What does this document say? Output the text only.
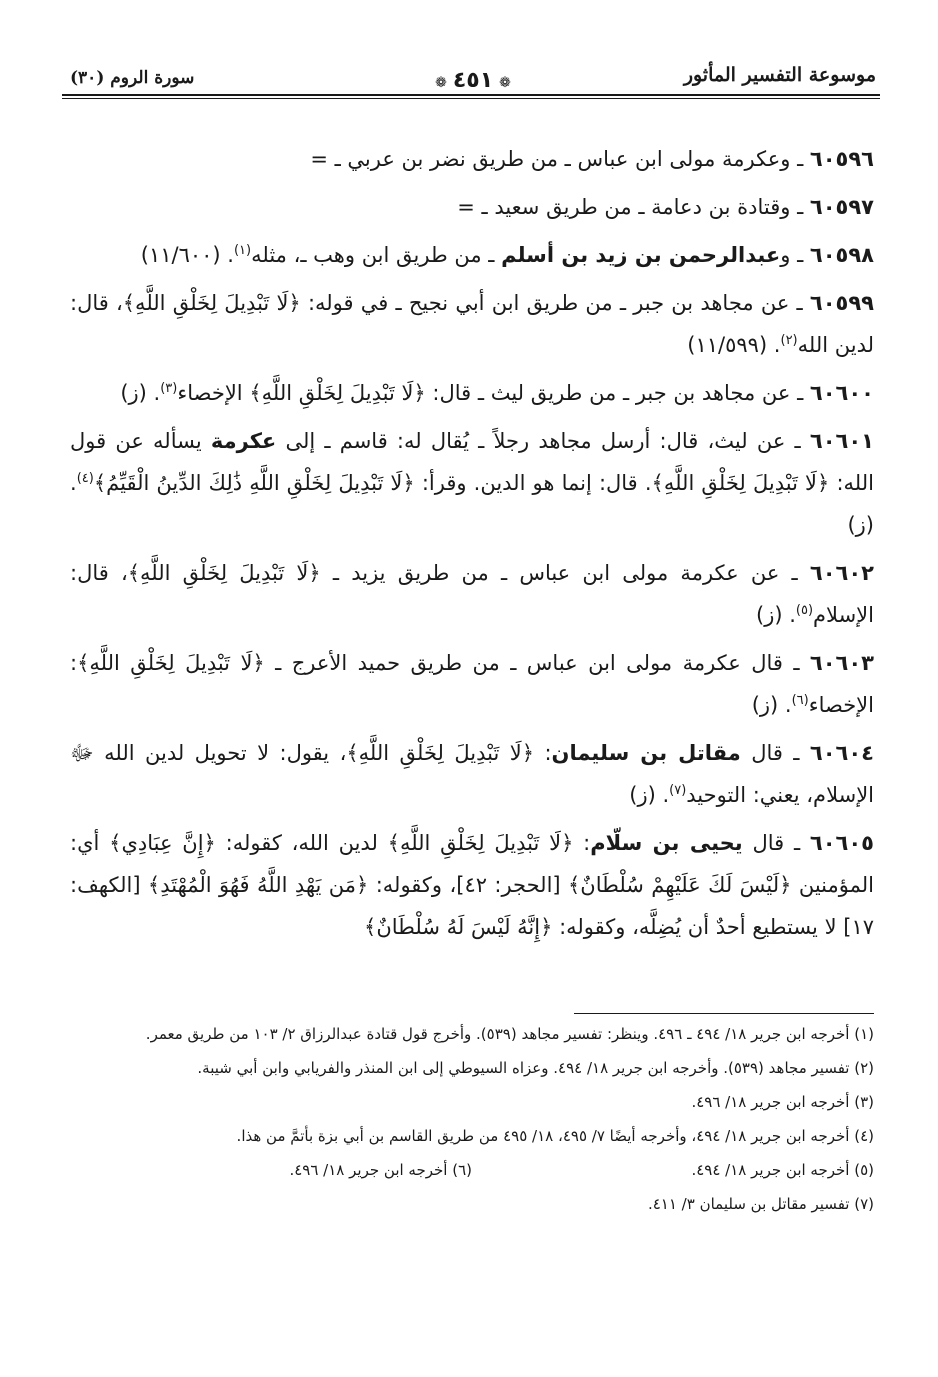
موسوعة التفسير المأثور
❁٤٥١❁
سورة الروم (٣٠)

٦٠٥٩٦ ـ وعكرمة مولى ابن عباس ـ من طريق نضر بن عربي ـ =

٦٠٥٩٧ ـ وقتادة بن دعامة ـ من طريق سعيد ـ =

٦٠٥٩٨ ـ وعبدالرحمن بن زيد بن أسلم ـ من طريق ابن وهب ـ، مثله$^{(١)}$. (١١/٦٠٠)

٦٠٥٩٩ ـ عن مجاهد بن جبر ـ من طريق ابن أبي نجيح ـ في قوله: ﴿لَا تَبْدِيلَ لِخَلْقِ اللَّهِ﴾، قال: لدين الله$^{(٢)}$. (١١/٥٩٩)

٦٠٦٠٠ ـ عن مجاهد بن جبر ـ من طريق ليث ـ قال: ﴿لَا تَبْدِيلَ لِخَلْقِ اللَّهِ﴾ الإخصاء$^{(٣)}$. (ز)

٦٠٦٠١ ـ عن ليث، قال: أرسل مجاهد رجلاً ـ يُقال له: قاسم ـ إلى عكرمة يسأله عن قول الله: ﴿لَا تَبْدِيلَ لِخَلْقِ اللَّهِ﴾. قال: إنما هو الدين. وقرأ: ﴿لَا تَبْدِيلَ لِخَلْقِ اللَّهِ ذَٰلِكَ الدِّينُ الْقَيِّمُ﴾$^{(٤)}$. (ز)

٦٠٦٠٢ ـ عن عكرمة مولى ابن عباس ـ من طريق يزيد ـ ﴿لَا تَبْدِيلَ لِخَلْقِ اللَّهِ﴾، قال: الإسلام$^{(٥)}$. (ز)

٦٠٦٠٣ ـ قال عكرمة مولى ابن عباس ـ من طريق حميد الأعرج ـ ﴿لَا تَبْدِيلَ لِخَلْقِ اللَّهِ﴾: الإخصاء$^{(٦)}$. (ز)

٦٠٦٠٤ ـ قال مقاتل بن سليمان: ﴿لَا تَبْدِيلَ لِخَلْقِ اللَّهِ﴾، يقول: لا تحويل لدين الله ﷻ الإسلام، يعني: التوحيد$^{(٧)}$. (ز)

٦٠٦٠٥ ـ قال يحيى بن سلّام: ﴿لَا تَبْدِيلَ لِخَلْقِ اللَّهِ﴾ لدين الله، كقوله: ﴿إِنَّ عِبَادِي﴾ أي: المؤمنين ﴿لَيْسَ لَكَ عَلَيْهِمْ سُلْطَانٌ﴾ [الحجر: ٤٢]، وكقوله: ﴿مَن يَهْدِ اللَّهُ فَهُوَ الْمُهْتَدِ﴾ [الكهف: ١٧] لا يستطيع أحدٌ أن يُضِلَّه، وكقوله: ﴿إِنَّهُ لَيْسَ لَهُ سُلْطَانٌ﴾

(١) أخرجه ابن جرير ١٨/ ٤٩٤ ـ ٤٩٦. وينظر: تفسير مجاهد (٥٣٩). وأخرج قول قتادة عبدالرزاق ٢/ ١٠٣ من طريق معمر.

(٢) تفسير مجاهد (٥٣٩). وأخرجه ابن جرير ١٨/ ٤٩٤. وعزاه السيوطي إلى ابن المنذر والفريابي وابن أبي شيبة.

(٣) أخرجه ابن جرير ١٨/ ٤٩٦.

(٤) أخرجه ابن جرير ١٨/ ٤٩٤، وأخرجه أيضًا ٧/ ٤٩٥، ١٨/ ٤٩٥ من طريق القاسم بن أبي بزة بأتمَّ من هذا.

(٥) أخرجه ابن جرير ١٨/ ٤٩٤.
(٦) أخرجه ابن جرير ١٨/ ٤٩٦.

(٧) تفسير مقاتل بن سليمان ٣/ ٤١١.
